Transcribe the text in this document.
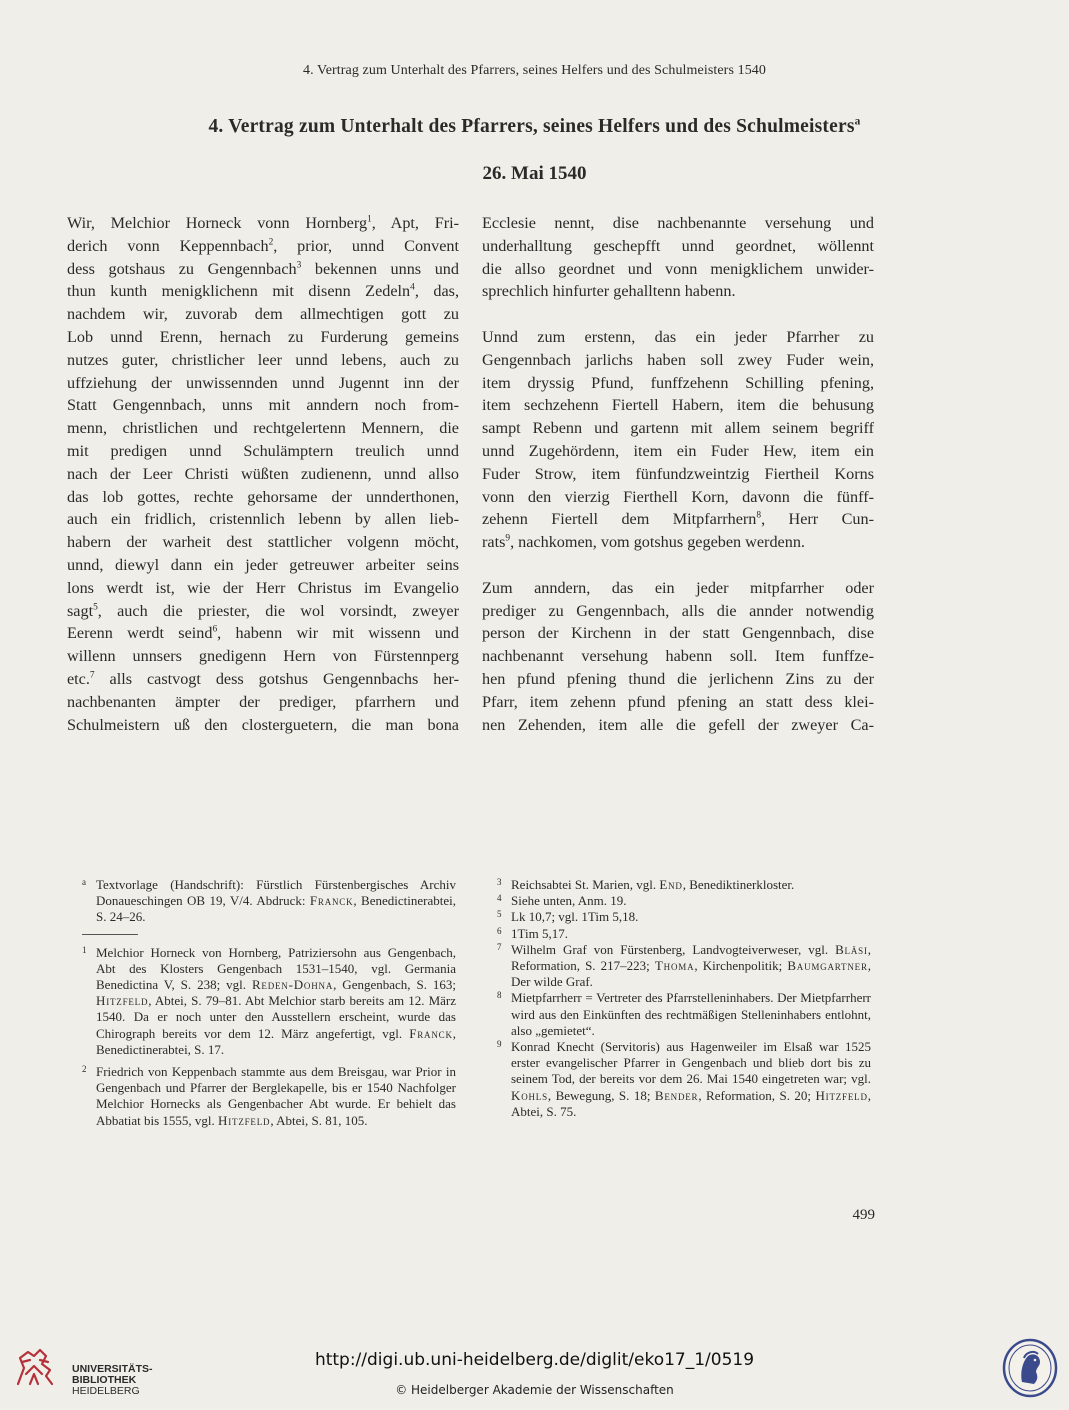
4. Vertrag zum Unterhalt des Pfarrers, seines Helfers und des Schulmeisters 1540
4. Vertrag zum Unterhalt des Pfarrers, seines Helfers und des Schulmeisters$^a$
26. Mai 1540

Wir, Melchior Horneck vonn Hornberg$^1$, Apt, Fri-

derich vonn Keppennbach$^2$, prior, unnd Convent

dess gotshaus zu Gengennbach$^3$ bekennen unns und

thun kunth menigklichenn mit disenn Zedeln$^4$, das,

nachdem wir, zuvorab dem allmechtigen gott zu

Lob unnd Erenn, hernach zu Furderung gemeins

nutzes guter, christlicher leer unnd lebens, auch zu

uffziehung der unwissennden unnd Jugennt inn der

Statt Gengennbach, unns mit anndern noch from-

menn, christlichen und rechtgelertenn Mennern, die

mit predigen unnd Schulämptern treulich unnd

nach der Leer Christi wüßten zudienenn, unnd allso

das lob gottes, rechte gehorsame der unnderthonen,

auch ein fridlich, cristennlich lebenn by allen lieb-

habern der warheit dest stattlicher volgenn möcht,

unnd, diewyl dann ein jeder getreuwer arbeiter seins

lons werdt ist, wie der Herr Christus im Evangelio

sagt$^5$, auch die priester, die wol vorsindt, zweyer

Eerenn werdt seind$^6$, habenn wir mit wissenn und

willenn unnsers gnedigenn Hern von Fürstennperg

etc.$^7$ alls castvogt dess gotshus Gengennbachs her-

nachbenanten ämpter der prediger, pfarrhern und

Schulmeistern uß den closterguetern, die man bona

Ecclesie nennt, dise nachbenannte versehung und

underhalltung geschepfft unnd geordnet, wöllennt

die allso geordnet und vonn menigklichem unwider-

sprechlich hinfurter gehalltenn habenn.

Unnd zum erstenn, das ein jeder Pfarrher zu

Gengennbach jarlichs haben soll zwey Fuder wein,

item dryssig Pfund, funffzehenn Schilling pfening,

item sechzehenn Fiertell Habern, item die behusung

sampt Rebenn und gartenn mit allem seinem begriff

unnd Zugehördenn, item ein Fuder Hew, item ein

Fuder Strow, item fünfundzweintzig Fiertheil Korns

vonn den vierzig Fierthell Korn, davonn die fünff-

zehenn Fiertell dem Mitpfarrhern$^8$, Herr Cun-

rats$^9$, nachkomen, vom gotshus gegeben werdenn.

Zum anndern, das ein jeder mitpfarrher oder

prediger zu Gengennbach, alls die annder notwendig

person der Kirchenn in der statt Gengennbach, dise

nachbenannt versehung habenn soll. Item funffze-

hen pfund pfening thund die jerlichenn Zins zu der

Pfarr, item zehenn pfund pfening an statt dess klei-

nen Zehenden, item alle die gefell der zweyer Ca-

a Textvorlage (Handschrift): Fürstlich Fürstenbergisches Archiv Donaueschingen OB 19, V/4. Abdruck: Franck, Benedictinerabtei, S. 24–26.

1 Melchior Horneck von Hornberg, Patriziersohn aus Gengenbach, Abt des Klosters Gengenbach 1531–1540, vgl. Germania Benedictina V, S. 238; vgl. Reden-Dohna, Gengenbach, S. 163; Hitzfeld, Abtei, S. 79–81. Abt Melchior starb bereits am 12. März 1540. Da er noch unter den Ausstellern erscheint, wurde das Chirograph bereits vor dem 12. März angefertigt, vgl. Franck, Benedictinerabtei, S. 17.

2 Friedrich von Keppenbach stammte aus dem Breisgau, war Prior in Gengenbach und Pfarrer der Berglekapelle, bis er 1540 Nachfolger Melchior Hornecks als Gengenbacher Abt wurde. Er behielt das Abbatiat bis 1555, vgl. Hitzfeld, Abtei, S. 81, 105.

3 Reichsabtei St. Marien, vgl. End, Benediktinerkloster.

4 Siehe unten, Anm. 19.

5 Lk 10,7; vgl. 1Tim 5,18.

6 1Tim 5,17.

7 Wilhelm Graf von Fürstenberg, Landvogteiverweser, vgl. Bläsi, Reformation, S. 217–223; Thoma, Kirchenpolitik; Baumgartner, Der wilde Graf.

8 Mietpfarrherr = Vertreter des Pfarrstelleninhabers. Der Mietpfarrherr wird aus den Einkünften des rechtmäßigen Stelleninhabers entlohnt, also „gemietet“.

9 Konrad Knecht (Servitoris) aus Hagenweiler im Elsaß war 1525 erster evangelischer Pfarrer in Gengenbach und blieb dort bis zu seinem Tod, der bereits vor dem 26. Mai 1540 eingetreten war; vgl. Kohls, Bewegung, S. 18; Bender, Reformation, S. 20; Hitzfeld, Abtei, S. 75.

499
UNIVERSITÄTS-
BIBLIOTHEK
HEIDELBERG
http://digi.ub.uni-heidelberg.de/diglit/eko17_1/0519
© Heidelberger Akademie der Wissenschaften
